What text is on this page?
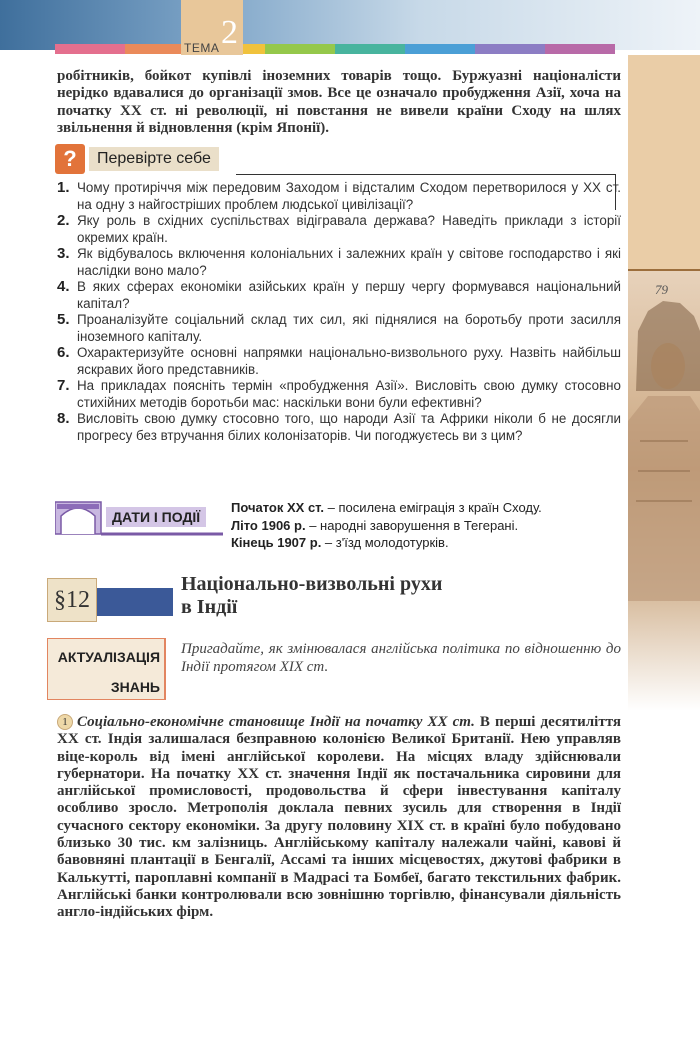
ТЕМА 2
79

робітників, бойкот купівлі іноземних товарів тощо. Буржуазні націоналісти нерідко вдавалися до організації змов. Все це означало пробудження Азії, хоча на початку ХХ ст. ні революції, ні повстання не вивели країни Сходу на шлях звільнення й відновлення (крім Японії).

?	Перевірте себе
1. Чому протиріччя між передовим Заходом і відсталим Сходом перетворилося у ХХ ст. на одну з найгостріших проблем людської цивілізації?
2. Яку роль в східних суспільствах відігравала держава? Наведіть приклади з історії окремих країн.
3. Як відбувалось включення колоніальних і залежних країн у світове господарство і які наслідки воно мало?
4. В яких сферах економіки азійських країн у першу чергу формувався національний капітал?
5. Проаналізуйте соціальний склад тих сил, які піднялися на боротьбу проти засилля іноземного капіталу.
6. Охарактеризуйте основні напрямки національно-визвольного руху. Назвіть найбільш яскравих його представників.
7. На прикладах поясніть термін «пробудження Азії». Висловіть свою думку стосовно стихійних методів боротьби мас: наскільки вони були ефективні?
8. Висловіть свою думку стосовно того, що народи Азії та Африки ніколи б не досягли прогресу без втручання білих колонізаторів. Чи погоджуєтесь ви з цим?
ДАТИ І ПОДІЇ
Початок ХХ ст. – посилена еміграція з країн Сходу.
Літо 1906 р. – народні заворушення в Тегерані.
Кінець 1907 р. – з'їзд молодотурків.
§12
Національно-визвольні рухи
в Індії
АКТУАЛІЗАЦІЯ
ЗНАНЬ

Пригадайте, як змінювалася англійська політика по відношенню до Індії протягом ХІХ ст.

1 Соціально-економічне становище Індії на початку ХХ ст. В перші десятиліття ХХ ст. Індія залишалася безправною колонією Великої Британії. Нею управляв віце-король від імені англійської королеви. На місцях владу здійснювали губернатори. На початку ХХ ст. значення Індії як постачальника сировини для англійської промисловості, продовольства й сфери інвестування капіталу особливо зросло. Метрополія доклала певних зусиль для створення в Індії сучасного сектору економіки. За другу половину ХІХ ст. в країні було побудовано близько 30 тис. км залізниць. Англійському капіталу належали чайні, кавові й бавовняні плантації в Бенгалії, Ассамі та інших місцевостях, джутові фабрики в Калькутті, пароплавні компанії в Мадрасі та Бомбеї, багато текстильних фабрик. Англійські банки контролювали всю зовнішню торгівлю, фінансували діяльність англо-індійських фірм.
